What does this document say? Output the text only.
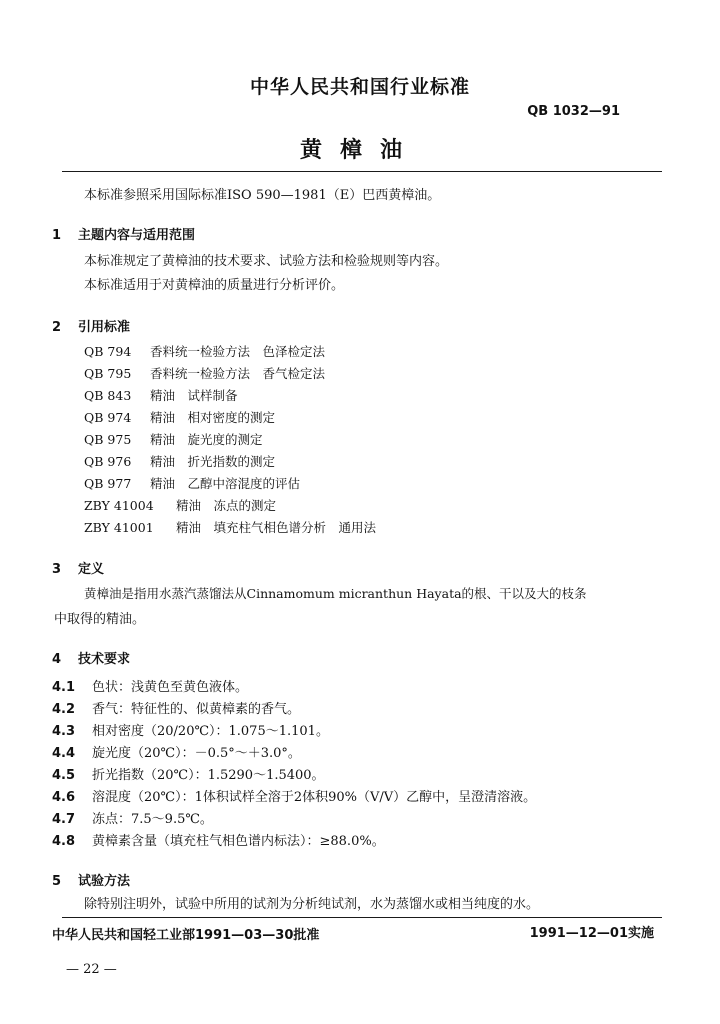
中华人民共和国行业标准
QB 1032—91
黄樟油
本标准参照采用国际标准ISO 590—1981（E）巴西黄樟油。
1 主题内容与适用范围
本标准规定了黄樟油的技术要求、试验方法和检验规则等内容。
本标准适用于对黄樟油的质量进行分析评价。
2 引用标准
QB 794 香料统一检验方法　色泽检定法
QB 795 香料统一检验方法　香气检定法
QB 843 精油　试样制备
QB 974 精油　相对密度的测定
QB 975 精油　旋光度的测定
QB 976 精油　折光指数的测定
QB 977 精油　乙醇中溶混度的评估
ZBY 41004 精油　冻点的测定
ZBY 41001 精油　填充柱气相色谱分析　通用法
3 定义
黄樟油是指用水蒸汽蒸馏法从Cinnamomum micranthun Hayata的根、干以及大的枝条
中取得的精油。
4 技术要求
4.1 色状：浅黄色至黄色液体。
4.2 香气：特征性的、似黄樟素的香气。
4.3 相对密度（20/20℃）：1.075～1.101。
4.4 旋光度（20℃）：－0.5°～＋3.0°。
4.5 折光指数（20℃）：1.5290～1.5400。
4.6 溶混度（20℃）：1体积试样全溶于2体积90%（V/V）乙醇中，呈澄清溶液。
4.7 冻点：7.5～9.5℃。
4.8 黄樟素含量（填充柱气相色谱内标法）：≥88.0%。
5 试验方法
除特别注明外，试验中所用的试剂为分析纯试剂，水为蒸馏水或相当纯度的水。
中华人民共和国轻工业部1991—03—30批准	1991—12—01实施
— 22 —
